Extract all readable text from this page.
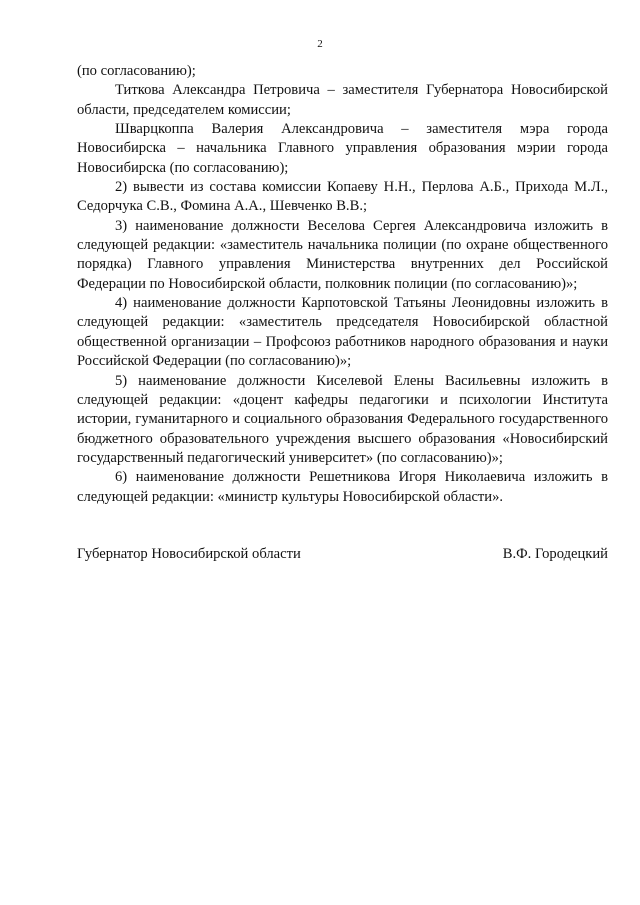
2

(по согласованию);

Титкова Александра Петровича – заместителя Губернатора Новосибирской области, председателем комиссии;

Шварцкоппа Валерия Александровича – заместителя мэра города Новосибирска – начальника Главного управления образования мэрии города Новосибирска (по согласованию);

2) вывести из состава комиссии Копаеву Н.Н., Перлова А.Б., Прихода М.Л., Седорчука С.В., Фомина А.А., Шевченко В.В.;

3) наименование должности Веселова Сергея Александровича изложить в следующей редакции: «заместитель начальника полиции (по охране общественного порядка) Главного управления Министерства внутренних дел Российской Федерации по Новосибирской области, полковник полиции (по согласованию)»;

4) наименование должности Карпотовской Татьяны Леонидовны изложить в следующей редакции: «заместитель председателя Новосибирской областной общественной организации – Профсоюз работников народного образования и науки Российской Федерации (по согласованию)»;

5) наименование должности Киселевой Елены Васильевны изложить в следующей редакции: «доцент кафедры педагогики и психологии Института истории, гуманитарного и социального образования Федерального государственного бюджетного образовательного учреждения высшего образования «Новосибирский государственный педагогический университет» (по согласованию)»;

6) наименование должности Решетникова Игоря Николаевича изложить в следующей редакции: «министр культуры Новосибирской области».

Губернатор Новосибирской области	В.Ф. Городецкий
